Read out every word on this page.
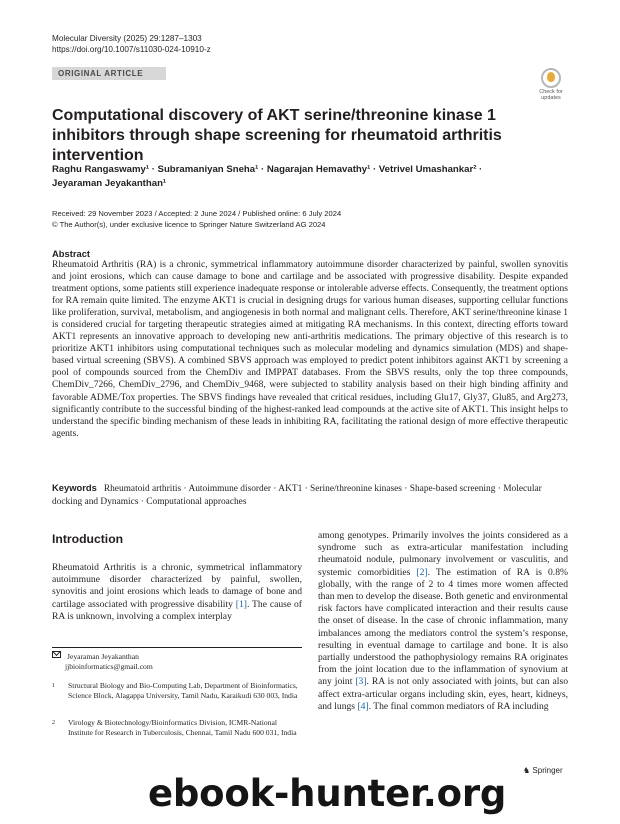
Molecular Diversity (2025) 29:1287–1303
https://doi.org/10.1007/s11030-024-10910-z
ORIGINAL ARTICLE
Check for
updates
Computational discovery of AKT serine/threonine kinase 1 inhibitors through shape screening for rheumatoid arthritis intervention
Raghu Rangaswamy¹ · Subramaniyan Sneha¹ · Nagarajan Hemavathy¹ · Vetrivel Umashankar² · Jeyaraman Jeyakanthan¹
Received: 29 November 2023 / Accepted: 2 June 2024 / Published online: 6 July 2024
© The Author(s), under exclusive licence to Springer Nature Switzerland AG 2024
Abstract

Rheumatoid Arthritis (RA) is a chronic, symmetrical inflammatory autoimmune disorder characterized by painful, swollen synovitis and joint erosions, which can cause damage to bone and cartilage and be associated with progressive disability. Despite expanded treatment options, some patients still experience inadequate response or intolerable adverse effects. Consequently, the treatment options for RA remain quite limited. The enzyme AKT1 is crucial in designing drugs for various human diseases, supporting cellular functions like proliferation, survival, metabolism, and angiogenesis in both normal and malignant cells. Therefore, AKT serine/threonine kinase 1 is considered crucial for targeting therapeutic strategies aimed at mitigating RA mechanisms. In this context, directing efforts toward AKT1 represents an innovative approach to developing new anti-arthritis medications. The primary objective of this research is to prioritize AKT1 inhibitors using computational techniques such as molecular modeling and dynamics simulation (MDS) and shape-based virtual screening (SBVS). A combined SBVS approach was employed to predict potent inhibitors against AKT1 by screening a pool of compounds sourced from the ChemDiv and IMPPAT databases. From the SBVS results, only the top three compounds, ChemDiv_7266, ChemDiv_2796, and ChemDiv_9468, were subjected to stability analysis based on their high binding affinity and favorable ADME/Tox properties. The SBVS findings have revealed that critical residues, including Glu17, Gly37, Glu85, and Arg273, significantly contribute to the successful binding of the highest-ranked lead compounds at the active site of AKT1. This insight helps to understand the specific binding mechanism of these leads in inhibiting RA, facilitating the rational design of more effective therapeutic agents.

Keywords Rheumatoid arthritis · Autoimmune disorder · AKT1 · Serine/threonine kinases · Shape-based screening · Molecular docking and Dynamics · Computational approaches
Introduction

Rheumatoid Arthritis is a chronic, symmetrical inflammatory autoimmune disorder characterized by painful, swollen, synovitis and joint erosions which leads to damage of bone and cartilage associated with progressive disability [1]. The cause of RA is unknown, involving a complex interplay

among genotypes. Primarily involves the joints considered as a syndrome such as extra-articular manifestation including rheumatoid nodule, pulmonary involvement or vasculitis, and systemic comorbidities [2]. The estimation of RA is 0.8% globally, with the range of 2 to 4 times more women affected than men to develop the disease. Both genetic and environmental risk factors have complicated interaction and their results cause the onset of disease. In the case of chronic inflammation, many imbalances among the mediators control the system’s response, resulting in eventual damage to cartilage and bone. It is also partially understood the pathophysiology remains RA originates from the joint location due to the inflammation of synovium at any joint [3]. RA is not only associated with joints, but can also affect extra-articular organs including skin, eyes, heart, kidneys, and lungs [4]. The final common mediators of RA including

Jeyaraman Jeyakanthan
jjbioinformatics@gmail.com
1 Structural Biology and Bio-Computing Lab, Department of Bioinformatics, Science Block, Alagappa University, Tamil Nadu, Karaikudi 630 003, India
2 Virology & Biotechnology/Bioinformatics Division, ICMR-National Institute for Research in Tuberculosis, Chennai, Tamil Nadu 600 031, India
♞ Springer
ebook-hunter.org
